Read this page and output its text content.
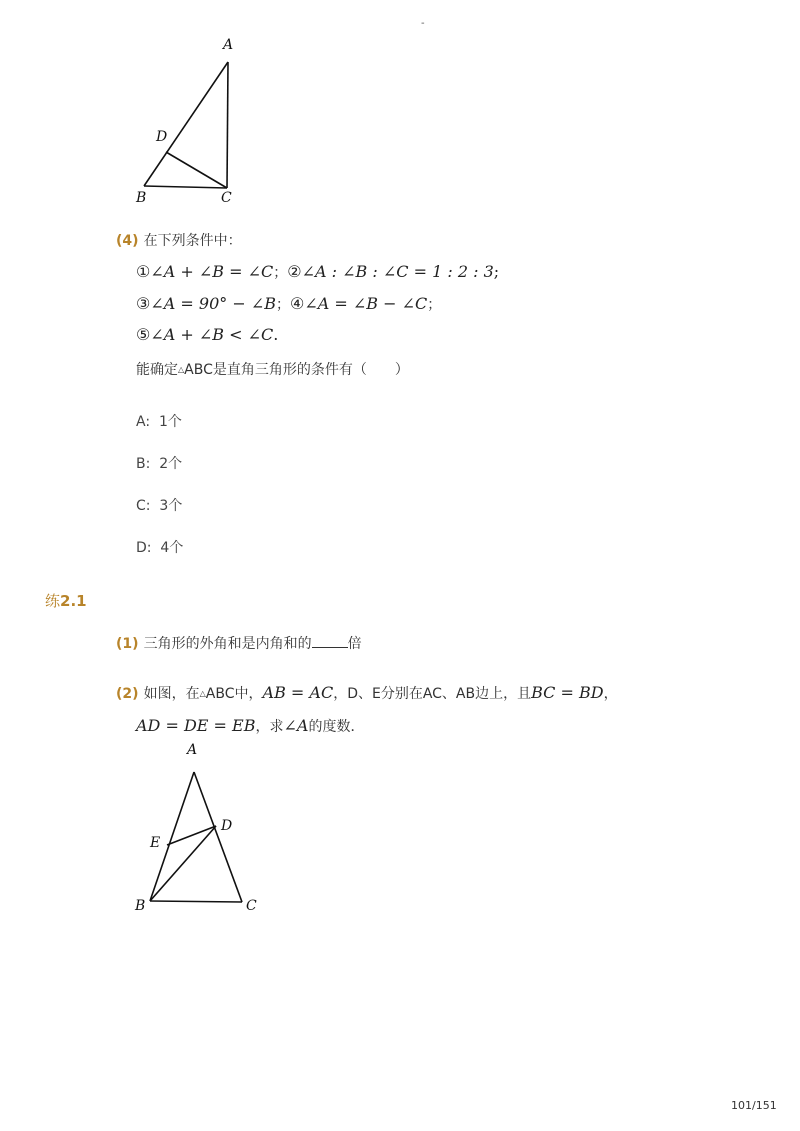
-
A
D
B	C
(4) 在下列条件中：
①∠A + ∠B = ∠C；②∠A : ∠B : ∠C = 1 : 2 : 3;
③∠A = 90° − ∠B；④∠A = ∠B − ∠C；
⑤∠A + ∠B < ∠C.
能确定△ABC是直角三角形的条件有（　　）
A: 1个
B: 2个
C: 3个
D: 4个
练2.1
(1) 三角形的外角和是内角和的	倍
(2) 如图，在△ABC中，AB = AC，D、E分别在AC、AB边上，且BC = BD，
AD = DE = EB，求∠A的度数．
A
D
E
B	C
101/151
